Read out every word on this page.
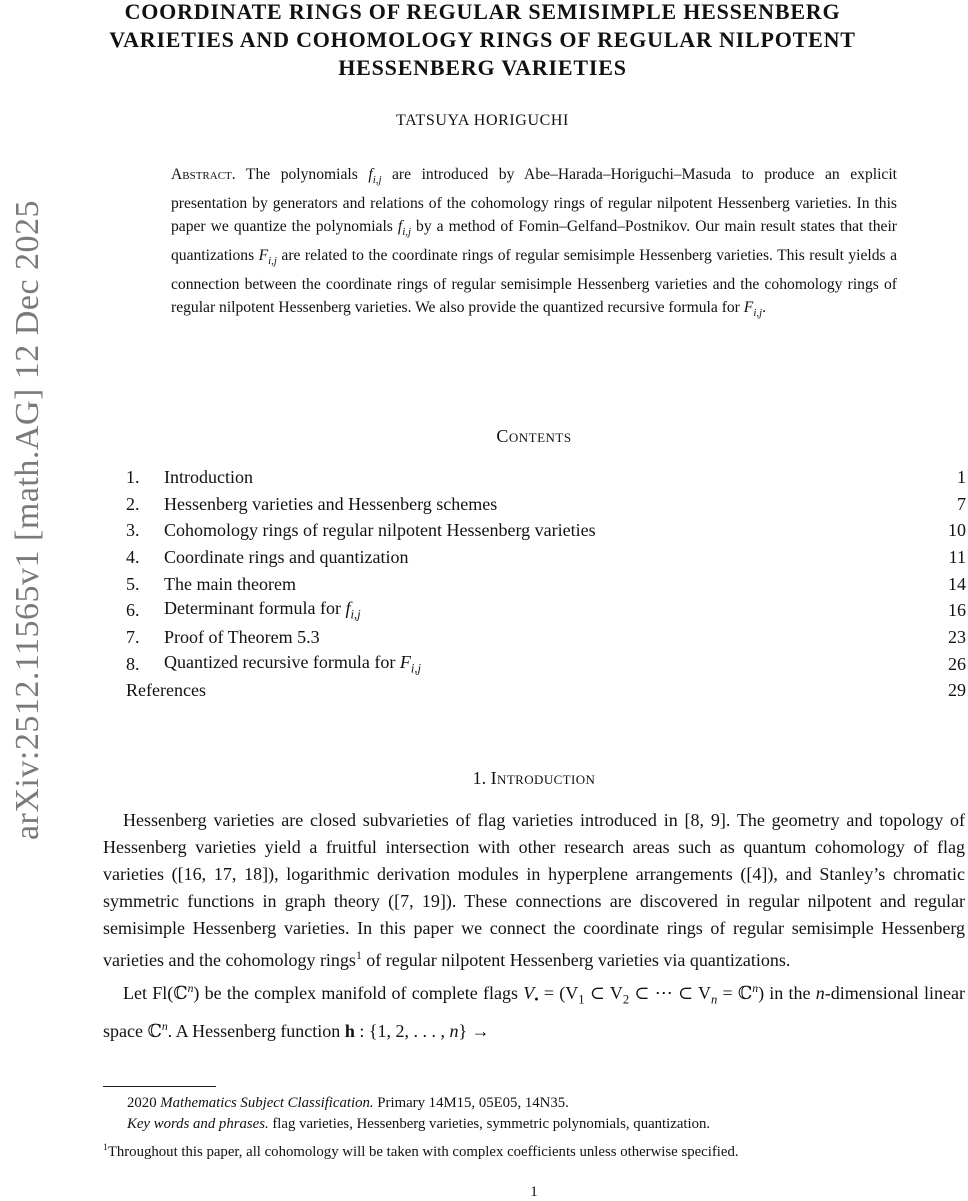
arXiv:2512.11565v1 [math.AG] 12 Dec 2025
COORDINATE RINGS OF REGULAR SEMISIMPLE HESSENBERG
VARIETIES AND COHOMOLOGY RINGS OF REGULAR NILPOTENT
HESSENBERG VARIETIES
TATSUYA HORIGUCHI
Abstract. The polynomials $f_{i,j}$ are introduced by Abe–Harada–Horiguchi–Masuda to produce an explicit presentation by generators and relations of the cohomology rings of regular nilpotent Hessenberg varieties. In this paper we quantize the polynomials $f_{i,j}$ by a method of Fomin–Gelfand–Postnikov. Our main result states that their quantizations $F_{i,j}$ are related to the coordinate rings of regular semisimple Hessenberg varieties. This result yields a connection between the coordinate rings of regular semisimple Hessenberg varieties and the cohomology rings of regular nilpotent Hessenberg varieties. We also provide the quantized recursive formula for $F_{i,j}$.
Contents
1.	Introduction	1
2.	Hessenberg varieties and Hessenberg schemes	7
3.	Cohomology rings of regular nilpotent Hessenberg varieties	10
4.	Coordinate rings and quantization	11
5.	The main theorem	14
6.	Determinant formula for $f_{i,j}$	16
7.	Proof of Theorem 5.3	23
8.	Quantized recursive formula for $F_{i,j}$	26
References	29
1. Introduction

Hessenberg varieties are closed subvarieties of flag varieties introduced in [8, 9]. The geometry and topology of Hessenberg varieties yield a fruitful intersection with other research areas such as quantum cohomology of flag varieties ([16, 17, 18]), logarithmic derivation modules in hyperplene arrangements ([4]), and Stanley’s chromatic symmetric functions in graph theory ([7, 19]). These connections are discovered in regular nilpotent and regular semisimple Hessenberg varieties. In this paper we connect the coordinate rings of regular semisimple Hessenberg varieties and the cohomology rings$^1$ of regular nilpotent Hessenberg varieties via quantizations.

Let Fl(ℂ$^n$) be the complex manifold of complete flags $V_• = (V_1$ ⊂ $V_2$ ⊂ ⋯ ⊂ $V_n$ = ℂ$^n$) in the n-dimensional linear space ℂ$^n$. A Hessenberg function h : {1, 2, . . . , n} →

2020 Mathematics Subject Classification. Primary 14M15, 05E05, 14N35.
Key words and phrases. flag varieties, Hessenberg varieties, symmetric polynomials, quantization.
$^1$Throughout this paper, all cohomology will be taken with complex coefficients unless otherwise specified.
1
